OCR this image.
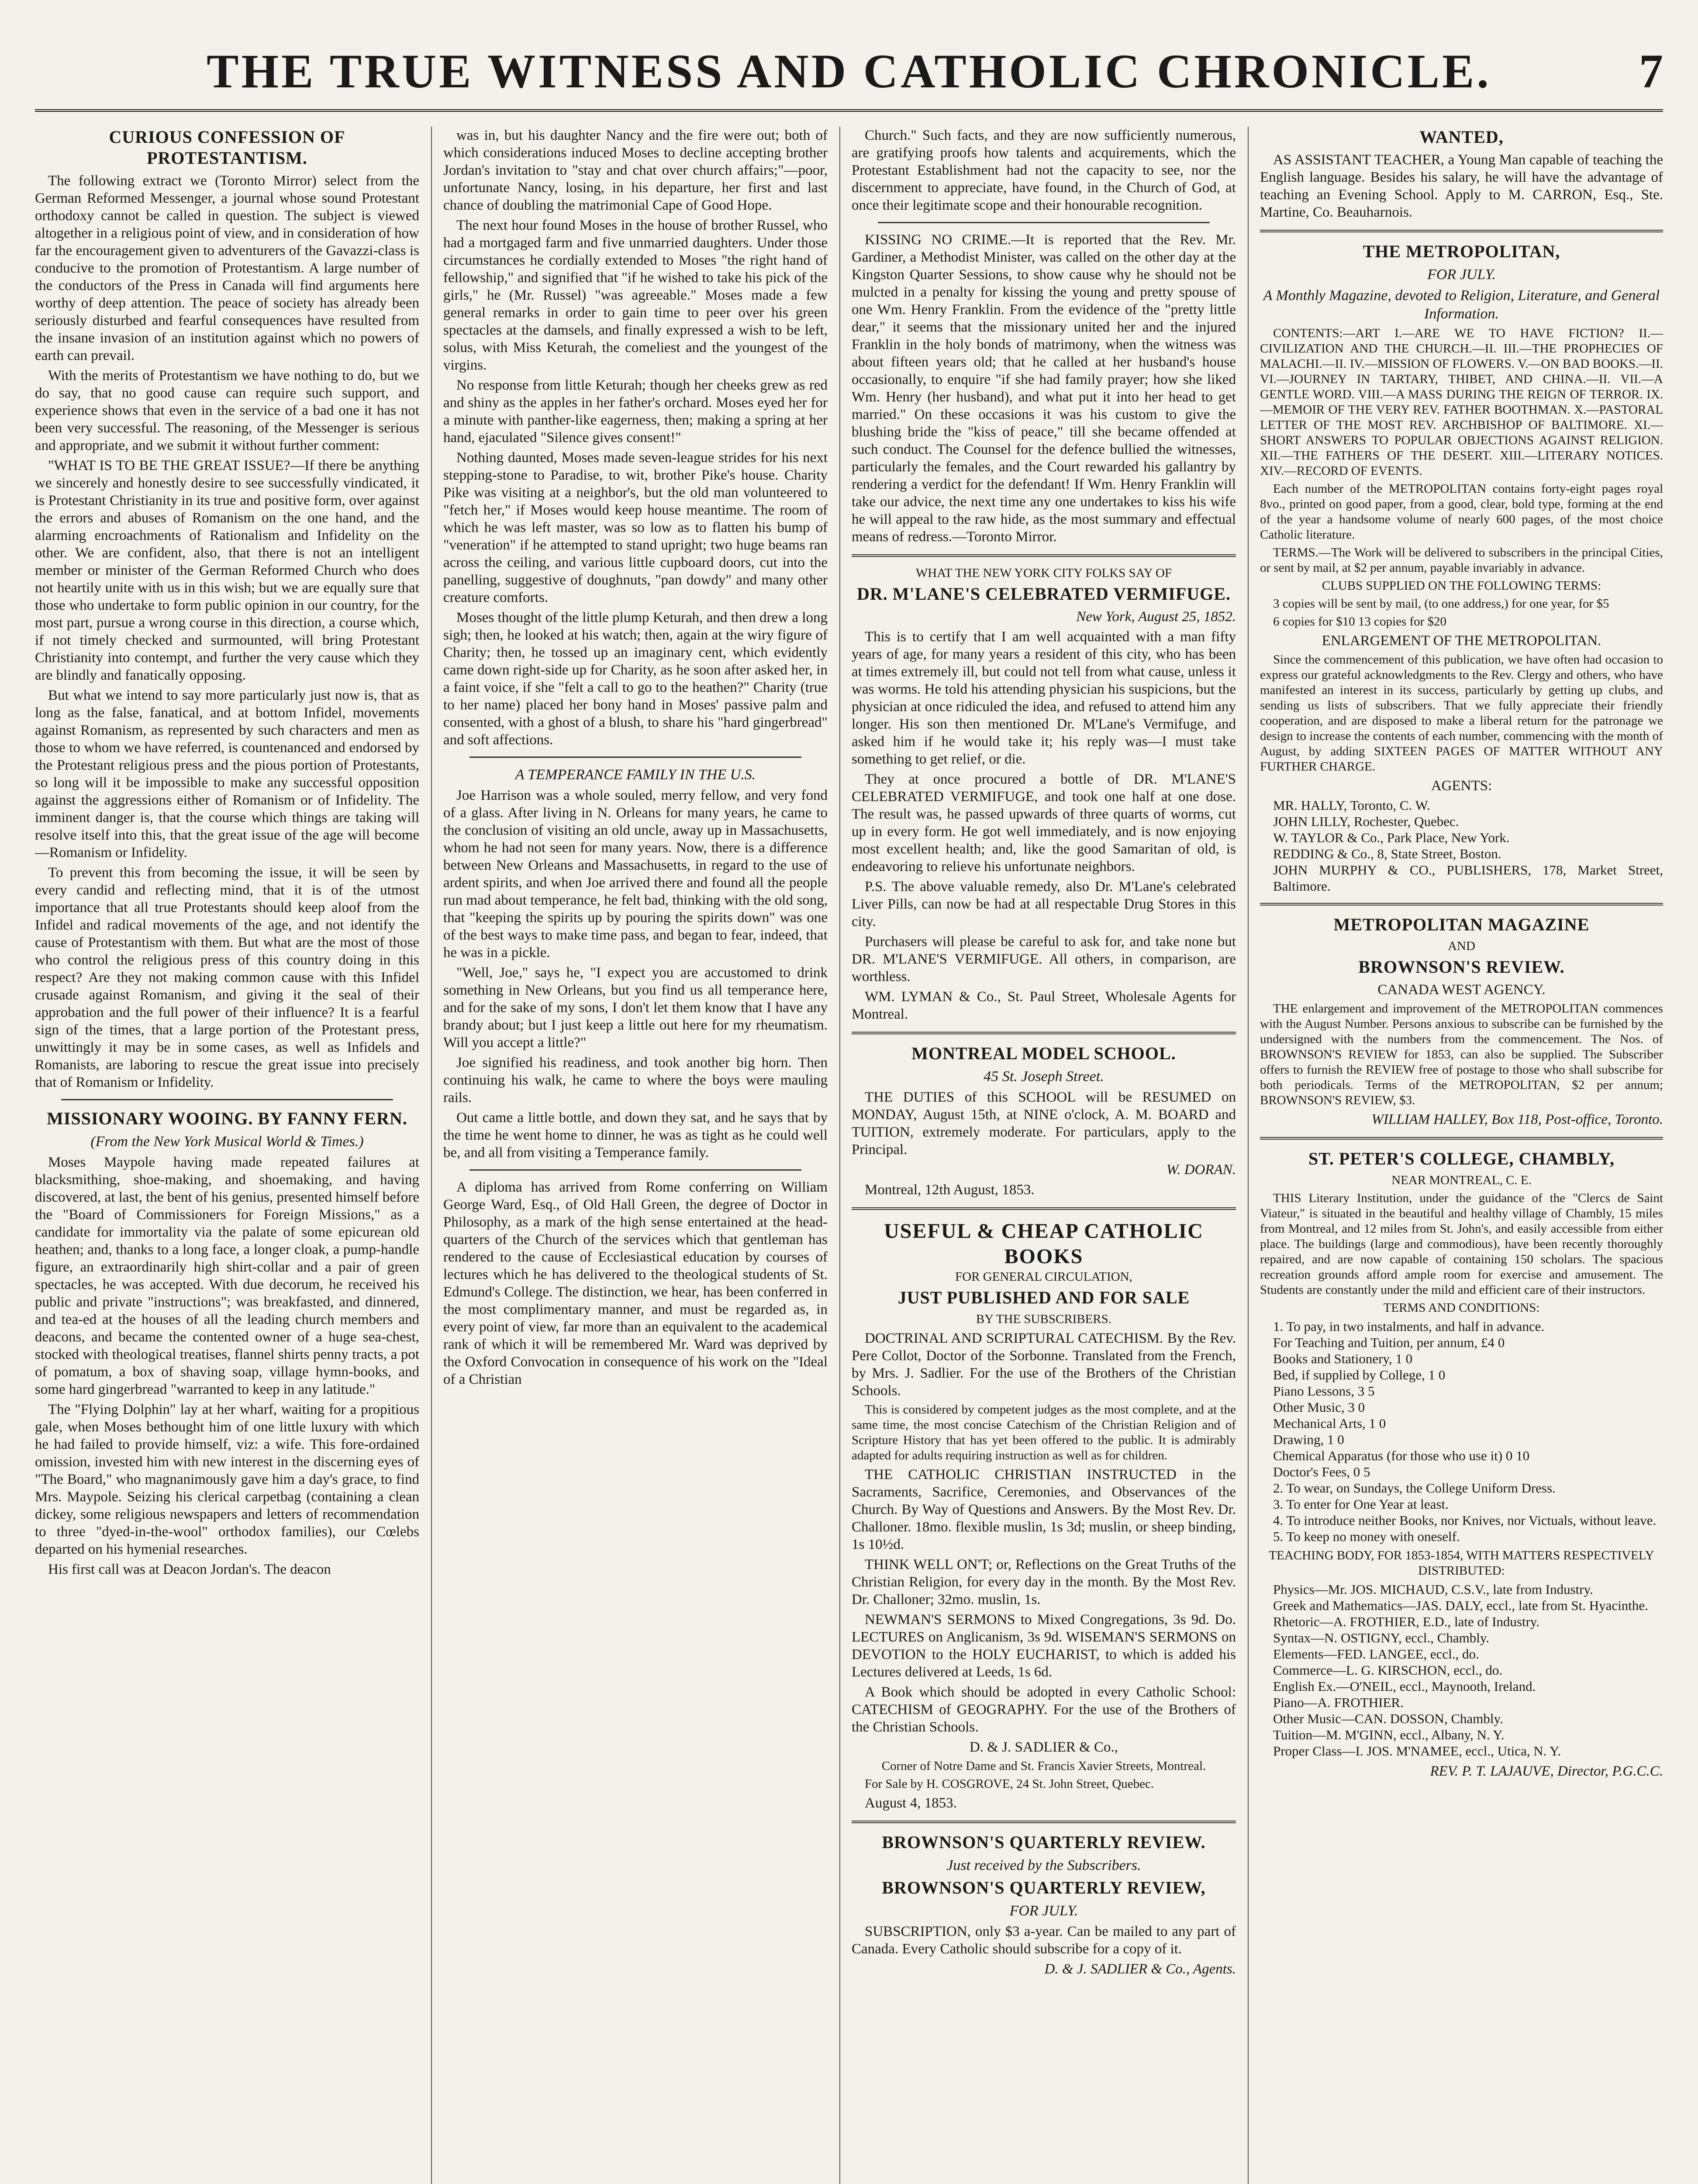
THE TRUE WITNESS AND CATHOLIC CHRONICLE.	7
CURIOUS CONFESSION OF PROTESTANTISM.

The following extract we (Toronto Mirror) select from the German Reformed Messenger, a journal whose sound Protestant orthodoxy cannot be called in question. The subject is viewed altogether in a religious point of view, and in consideration of how far the encouragement given to adventurers of the Gavazzi-class is conducive to the promotion of Protestantism. A large number of the conductors of the Press in Canada will find arguments here worthy of deep attention. The peace of society has already been seriously disturbed and fearful consequences have resulted from the insane invasion of an institution against which no powers of earth can prevail.

With the merits of Protestantism we have nothing to do, but we do say, that no good cause can require such support, and experience shows that even in the service of a bad one it has not been very successful. The reasoning, of the Messenger is serious and appropriate, and we submit it without further comment:

"WHAT IS TO BE THE GREAT ISSUE?—If there be anything we sincerely and honestly desire to see successfully vindicated, it is Protestant Christianity in its true and positive form, over against the errors and abuses of Romanism on the one hand, and the alarming encroachments of Rationalism and Infidelity on the other. We are confident, also, that there is not an intelligent member or minister of the German Reformed Church who does not heartily unite with us in this wish; but we are equally sure that those who undertake to form public opinion in our country, for the most part, pursue a wrong course in this direction, a course which, if not timely checked and surmounted, will bring Protestant Christianity into contempt, and further the very cause which they are blindly and fanatically opposing.

But what we intend to say more particularly just now is, that as long as the false, fanatical, and at bottom Infidel, movements against Romanism, as represented by such characters and men as those to whom we have referred, is countenanced and endorsed by the Protestant religious press and the pious portion of Protestants, so long will it be impossible to make any successful opposition against the aggressions either of Romanism or of Infidelity. The imminent danger is, that the course which things are taking will resolve itself into this, that the great issue of the age will become—Romanism or Infidelity.

To prevent this from becoming the issue, it will be seen by every candid and reflecting mind, that it is of the utmost importance that all true Protestants should keep aloof from the Infidel and radical movements of the age, and not identify the cause of Protestantism with them. But what are the most of those who control the religious press of this country doing in this respect? Are they not making common cause with this Infidel crusade against Romanism, and giving it the seal of their approbation and the full power of their influence? It is a fearful sign of the times, that a large portion of the Protestant press, unwittingly it may be in some cases, as well as Infidels and Romanists, are laboring to rescue the great issue into precisely that of Romanism or Infidelity.

MISSIONARY WOOING. BY FANNY FERN.
(From the New York Musical World & Times.)

Moses Maypole having made repeated failures at blacksmithing, shoe-making, and shoemaking, and having discovered, at last, the bent of his genius, presented himself before the "Board of Commissioners for Foreign Missions," as a candidate for immortality via the palate of some epicurean old heathen; and, thanks to a long face, a longer cloak, a pump-handle figure, an extraordinarily high shirt-collar and a pair of green spectacles, he was accepted. With due decorum, he received his public and private "instructions"; was breakfasted, and dinnered, and tea-ed at the houses of all the leading church members and deacons, and became the contented owner of a huge sea-chest, stocked with theological treatises, flannel shirts penny tracts, a pot of pomatum, a box of shaving soap, village hymn-books, and some hard gingerbread "warranted to keep in any latitude."

The "Flying Dolphin" lay at her wharf, waiting for a propitious gale, when Moses bethought him of one little luxury with which he had failed to provide himself, viz: a wife. This fore-ordained omission, invested him with new interest in the discerning eyes of "The Board," who magnanimously gave him a day's grace, to find Mrs. Maypole. Seizing his clerical carpetbag (containing a clean dickey, some religious newspapers and letters of recommendation to three "dyed-in-the-wool" orthodox families), our Cœlebs departed on his hymenial researches.

His first call was at Deacon Jordan's. The deacon

was in, but his daughter Nancy and the fire were out; both of which considerations induced Moses to decline accepting brother Jordan's invitation to "stay and chat over church affairs;"—poor, unfortunate Nancy, losing, in his departure, her first and last chance of doubling the matrimonial Cape of Good Hope.

The next hour found Moses in the house of brother Russel, who had a mortgaged farm and five unmarried daughters. Under those circumstances he cordially extended to Moses "the right hand of fellowship," and signified that "if he wished to take his pick of the girls," he (Mr. Russel) "was agreeable." Moses made a few general remarks in order to gain time to peer over his green spectacles at the damsels, and finally expressed a wish to be left, solus, with Miss Keturah, the comeliest and the youngest of the virgins.

No response from little Keturah; though her cheeks grew as red and shiny as the apples in her father's orchard. Moses eyed her for a minute with panther-like eagerness, then; making a spring at her hand, ejaculated "Silence gives consent!"

Nothing daunted, Moses made seven-league strides for his next stepping-stone to Paradise, to wit, brother Pike's house. Charity Pike was visiting at a neighbor's, but the old man volunteered to "fetch her," if Moses would keep house meantime. The room of which he was left master, was so low as to flatten his bump of "veneration" if he attempted to stand upright; two huge beams ran across the ceiling, and various little cupboard doors, cut into the panelling, suggestive of doughnuts, "pan dowdy" and many other creature comforts.

Moses thought of the little plump Keturah, and then drew a long sigh; then, he looked at his watch; then, again at the wiry figure of Charity; then, he tossed up an imaginary cent, which evidently came down right-side up for Charity, as he soon after asked her, in a faint voice, if she "felt a call to go to the heathen?" Charity (true to her name) placed her bony hand in Moses' passive palm and consented, with a ghost of a blush, to share his "hard gingerbread" and soft affections.

A TEMPERANCE FAMILY IN THE U.S.

Joe Harrison was a whole souled, merry fellow, and very fond of a glass. After living in N. Orleans for many years, he came to the conclusion of visiting an old uncle, away up in Massachusetts, whom he had not seen for many years. Now, there is a difference between New Orleans and Massachusetts, in regard to the use of ardent spirits, and when Joe arrived there and found all the people run mad about temperance, he felt bad, thinking with the old song, that "keeping the spirits up by pouring the spirits down" was one of the best ways to make time pass, and began to fear, indeed, that he was in a pickle.

"Well, Joe," says he, "I expect you are accustomed to drink something in New Orleans, but you find us all temperance here, and for the sake of my sons, I don't let them know that I have any brandy about; but I just keep a little out here for my rheumatism. Will you accept a little?"

Joe signified his readiness, and took another big horn. Then continuing his walk, he came to where the boys were mauling rails.

Out came a little bottle, and down they sat, and he says that by the time he went home to dinner, he was as tight as he could well be, and all from visiting a Temperance family.

A diploma has arrived from Rome conferring on William George Ward, Esq., of Old Hall Green, the degree of Doctor in Philosophy, as a mark of the high sense entertained at the head-quarters of the Church of the services which that gentleman has rendered to the cause of Ecclesiastical education by courses of lectures which he has delivered to the theological students of St. Edmund's College. The distinction, we hear, has been conferred in the most complimentary manner, and must be regarded as, in every point of view, far more than an equivalent to the academical rank of which it will be remembered Mr. Ward was deprived by the Oxford Convocation in consequence of his work on the "Ideal of a Christian

Church." Such facts, and they are now sufficiently numerous, are gratifying proofs how talents and acquirements, which the Protestant Establishment had not the capacity to see, nor the discernment to appreciate, have found, in the Church of God, at once their legitimate scope and their honourable recognition.

KISSING NO CRIME.—It is reported that the Rev. Mr. Gardiner, a Methodist Minister, was called on the other day at the Kingston Quarter Sessions, to show cause why he should not be mulcted in a penalty for kissing the young and pretty spouse of one Wm. Henry Franklin. From the evidence of the "pretty little dear," it seems that the missionary united her and the injured Franklin in the holy bonds of matrimony, when the witness was about fifteen years old; that he called at her husband's house occasionally, to enquire "if she had family prayer; how she liked Wm. Henry (her husband), and what put it into her head to get married." On these occasions it was his custom to give the blushing bride the "kiss of peace," till she became offended at such conduct. The Counsel for the defence bullied the witnesses, particularly the females, and the Court rewarded his gallantry by rendering a verdict for the defendant! If Wm. Henry Franklin will take our advice, the next time any one undertakes to kiss his wife he will appeal to the raw hide, as the most summary and effectual means of redress.—Toronto Mirror.

WHAT THE NEW YORK CITY FOLKS SAY OF

DR. M'LANE'S CELEBRATED VERMIFUGE.

New York, August 25, 1852.

This is to certify that I am well acquainted with a man fifty years of age, for many years a resident of this city, who has been at times extremely ill, but could not tell from what cause, unless it was worms. He told his attending physician his suspicions, but the physician at once ridiculed the idea, and refused to attend him any longer. His son then mentioned Dr. M'Lane's Vermifuge, and asked him if he would take it; his reply was—I must take something to get relief, or die.

They at once procured a bottle of DR. M'LANE'S CELEBRATED VERMIFUGE, and took one half at one dose. The result was, he passed upwards of three quarts of worms, cut up in every form. He got well immediately, and is now enjoying most excellent health; and, like the good Samaritan of old, is endeavoring to relieve his unfortunate neighbors.

P.S. The above valuable remedy, also Dr. M'Lane's celebrated Liver Pills, can now be had at all respectable Drug Stores in this city.

Purchasers will please be careful to ask for, and take none but DR. M'LANE'S VERMIFUGE. All others, in comparison, are worthless.

WM. LYMAN & Co., St. Paul Street, Wholesale Agents for Montreal.

MONTREAL MODEL SCHOOL.
45 St. Joseph Street.

THE DUTIES of this SCHOOL will be RESUMED on MONDAY, August 15th, at NINE o'clock, A. M. BOARD and TUITION, extremely moderate. For particulars, apply to the Principal.

W. DORAN.

Montreal, 12th August, 1853.

USEFUL & CHEAP CATHOLIC BOOKS

FOR GENERAL CIRCULATION,

JUST PUBLISHED AND FOR SALE

BY THE SUBSCRIBERS.

DOCTRINAL AND SCRIPTURAL CATECHISM. By the Rev. Pere Collot, Doctor of the Sorbonne. Translated from the French, by Mrs. J. Sadlier. For the use of the Brothers of the Christian Schools.

This is considered by competent judges as the most complete, and at the same time, the most concise Catechism of the Christian Religion and of Scripture History that has yet been offered to the public. It is admirably adapted for adults requiring instruction as well as for children.

THE CATHOLIC CHRISTIAN INSTRUCTED in the Sacraments, Sacrifice, Ceremonies, and Observances of the Church. By Way of Questions and Answers. By the Most Rev. Dr. Challoner. 18mo. flexible muslin, 1s 3d; muslin, or sheep binding, 1s 10½d.

THINK WELL ON'T; or, Reflections on the Great Truths of the Christian Religion, for every day in the month. By the Most Rev. Dr. Challoner; 32mo. muslin, 1s.

NEWMAN'S SERMONS to Mixed Congregations, 3s 9d. Do. LECTURES on Anglicanism, 3s 9d. WISEMAN'S SERMONS on DEVOTION to the HOLY EUCHARIST, to which is added his Lectures delivered at Leeds, 1s 6d.

A Book which should be adopted in every Catholic School: CATECHISM of GEOGRAPHY. For the use of the Brothers of the Christian Schools.

D. & J. SADLIER & Co.,

Corner of Notre Dame and St. Francis Xavier Streets, Montreal.

For Sale by H. COSGROVE, 24 St. John Street, Quebec.

August 4, 1853.

BROWNSON'S QUARTERLY REVIEW.
Just received by the Subscribers.
BROWNSON'S QUARTERLY REVIEW,
FOR JULY.

SUBSCRIPTION, only $3 a-year. Can be mailed to any part of Canada. Every Catholic should subscribe for a copy of it.

D. & J. SADLIER & Co., Agents.

WANTED,

AS ASSISTANT TEACHER, a Young Man capable of teaching the English language. Besides his salary, he will have the advantage of teaching an Evening School. Apply to M. CARRON, Esq., Ste. Martine, Co. Beauharnois.

THE METROPOLITAN,
FOR JULY.
A Monthly Magazine, devoted to Religion, Literature, and General Information.

CONTENTS:—ART I.—ARE WE TO HAVE FICTION? II.—CIVILIZATION AND THE CHURCH.—II. III.—THE PROPHECIES OF MALACHI.—II. IV.—MISSION OF FLOWERS. V.—ON BAD BOOKS.—II. VI.—JOURNEY IN TARTARY, THIBET, AND CHINA.—II. VII.—A GENTLE WORD. VIII.—A MASS DURING THE REIGN OF TERROR. IX.—MEMOIR OF THE VERY REV. FATHER BOOTHMAN. X.—PASTORAL LETTER OF THE MOST REV. ARCHBISHOP OF BALTIMORE. XI.—SHORT ANSWERS TO POPULAR OBJECTIONS AGAINST RELIGION. XII.—THE FATHERS OF THE DESERT. XIII.—LITERARY NOTICES. XIV.—RECORD OF EVENTS.

Each number of the METROPOLITAN contains forty-eight pages royal 8vo., printed on good paper, from a good, clear, bold type, forming at the end of the year a handsome volume of nearly 600 pages, of the most choice Catholic literature.

TERMS.—The Work will be delivered to subscribers in the principal Cities, or sent by mail, at $2 per annum, payable invariably in advance.

CLUBS SUPPLIED ON THE FOLLOWING TERMS:

3 copies will be sent by mail, (to one address,) for one year, for $5

6 copies for $10 13 copies for $20

ENLARGEMENT OF THE METROPOLITAN.

Since the commencement of this publication, we have often had occasion to express our grateful acknowledgments to the Rev. Clergy and others, who have manifested an interest in its success, particularly by getting up clubs, and sending us lists of subscribers. That we fully appreciate their friendly cooperation, and are disposed to make a liberal return for the patronage we design to increase the contents of each number, commencing with the month of August, by adding SIXTEEN PAGES OF MATTER WITHOUT ANY FURTHER CHARGE.

AGENTS:

MR. HALLY, Toronto, C. W.
JOHN LILLY, Rochester, Quebec.
W. TAYLOR & Co., Park Place, New York.
REDDING & Co., 8, State Street, Boston.
JOHN MURPHY & CO., PUBLISHERS, 178, Market Street, Baltimore.
METROPOLITAN MAGAZINE

AND

BROWNSON'S REVIEW.

CANADA WEST AGENCY.

THE enlargement and improvement of the METROPOLITAN commences with the August Number. Persons anxious to subscribe can be furnished by the undersigned with the numbers from the commencement. The Nos. of BROWNSON'S REVIEW for 1853, can also be supplied. The Subscriber offers to furnish the REVIEW free of postage to those who shall subscribe for both periodicals. Terms of the METROPOLITAN, $2 per annum; BROWNSON'S REVIEW, $3.

WILLIAM HALLEY, Box 118, Post-office, Toronto.

ST. PETER'S COLLEGE, CHAMBLY,

NEAR MONTREAL, C. E.

THIS Literary Institution, under the guidance of the "Clercs de Saint Viateur," is situated in the beautiful and healthy village of Chambly, 15 miles from Montreal, and 12 miles from St. John's, and easily accessible from either place. The buildings (large and commodious), have been recently thoroughly repaired, and are now capable of containing 150 scholars. The spacious recreation grounds afford ample room for exercise and amusement. The Students are constantly under the mild and efficient care of their instructors.

TERMS AND CONDITIONS:

1. To pay, in two instalments, and half in advance.
For Teaching and Tuition, per annum, £4 0
Books and Stationery, 1 0
Bed, if supplied by College, 1 0
Piano Lessons, 3 5
Other Music, 3 0
Mechanical Arts, 1 0
Drawing, 1 0
Chemical Apparatus (for those who use it) 0 10
Doctor's Fees, 0 5
2. To wear, on Sundays, the College Uniform Dress.
3. To enter for One Year at least.
4. To introduce neither Books, nor Knives, nor Victuals, without leave.
5. To keep no money with oneself.

TEACHING BODY, FOR 1853-1854, WITH MATTERS RESPECTIVELY DISTRIBUTED:

Physics—Mr. JOS. MICHAUD, C.S.V., late from Industry.
Greek and Mathematics—JAS. DALY, eccl., late from St. Hyacinthe.
Rhetoric—A. FROTHIER, E.D., late of Industry.
Syntax—N. OSTIGNY, eccl., Chambly.
Elements—FED. LANGEE, eccl., do.
Commerce—L. G. KIRSCHON, eccl., do.
English Ex.—O'NEIL, eccl., Maynooth, Ireland.
Piano—A. FROTHIER.
Other Music—CAN. DOSSON, Chambly.
Tuition—M. M'GINN, eccl., Albany, N. Y.
Proper Class—I. JOS. M'NAMEE, eccl., Utica, N. Y.

REV. P. T. LAJAUVE, Director, P.G.C.C.
